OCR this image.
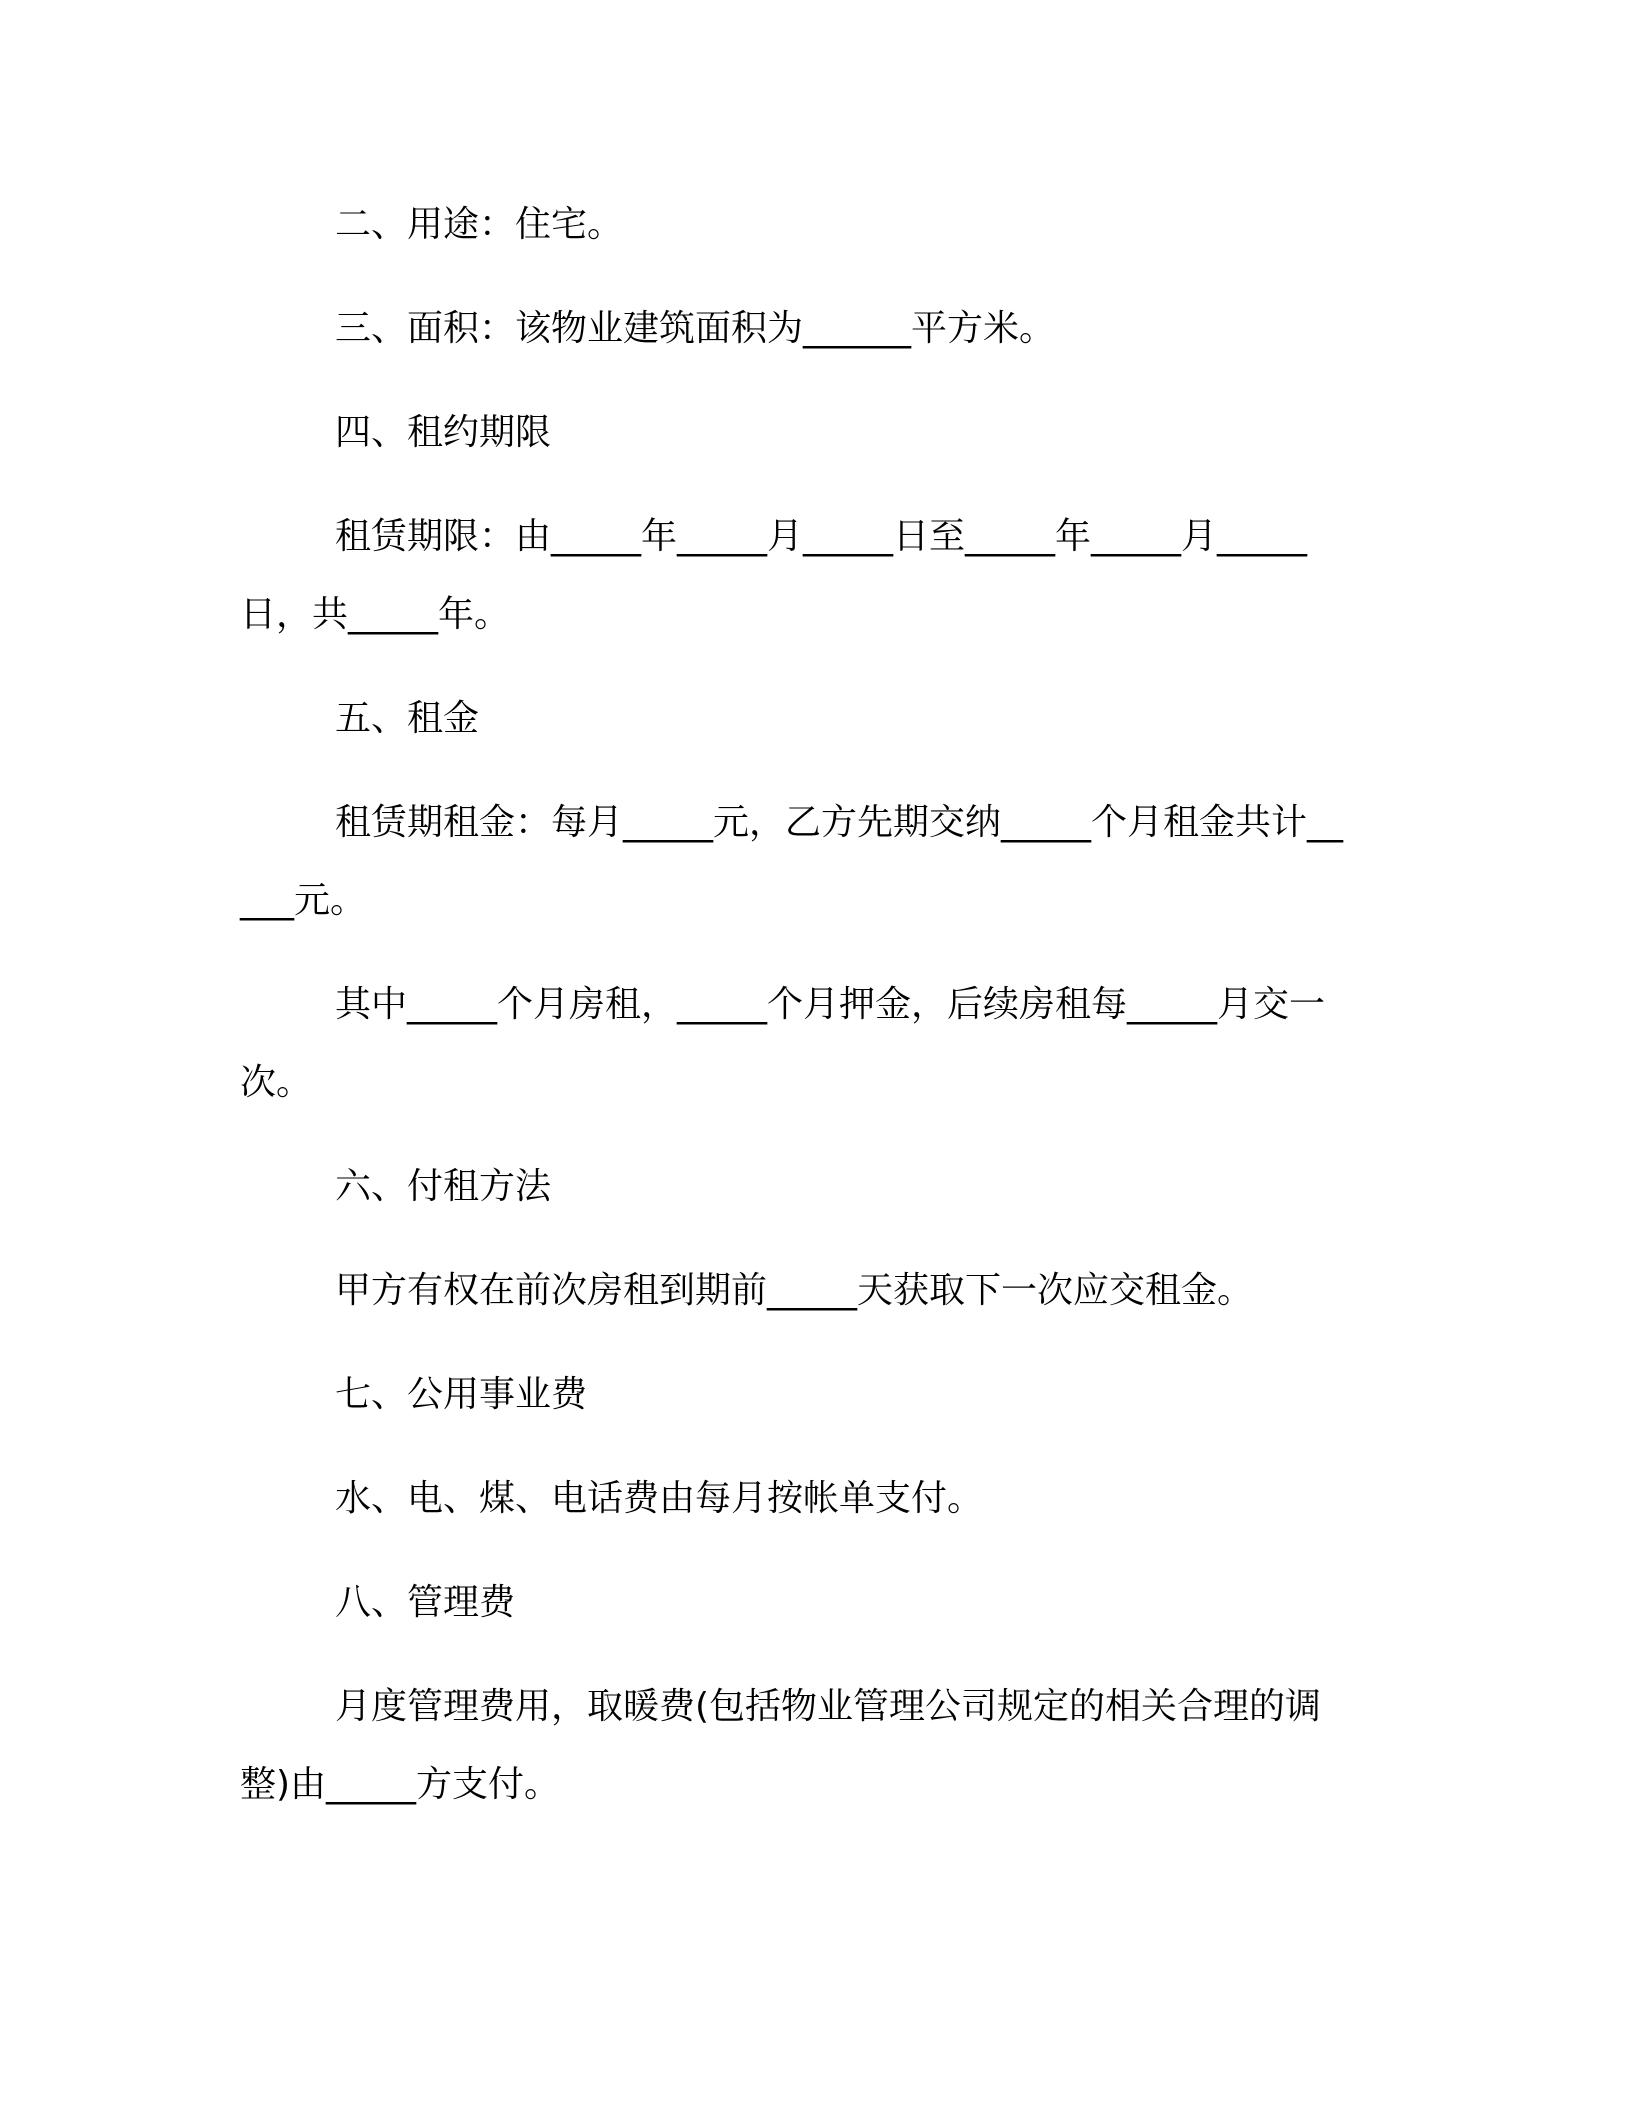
二、用途：住宅。

三、面积：该物业建筑面积为______平方米。

四、租约期限

租赁期限：由_____年_____月_____日至_____年_____月_____日，共_____年。

五、租金

租赁期租金：每月_____元，乙方先期交纳_____个月租金共计_____元。

其中_____个月房租，_____个月押金，后续房租每_____月交一次。

六、付租方法

甲方有权在前次房租到期前_____天获取下一次应交租金。

七、公用事业费

水、电、煤、电话费由每月按帐单支付。

八、管理费

月度管理费用，取暖费(包括物业管理公司规定的相关合理的调整)由_____方支付。
